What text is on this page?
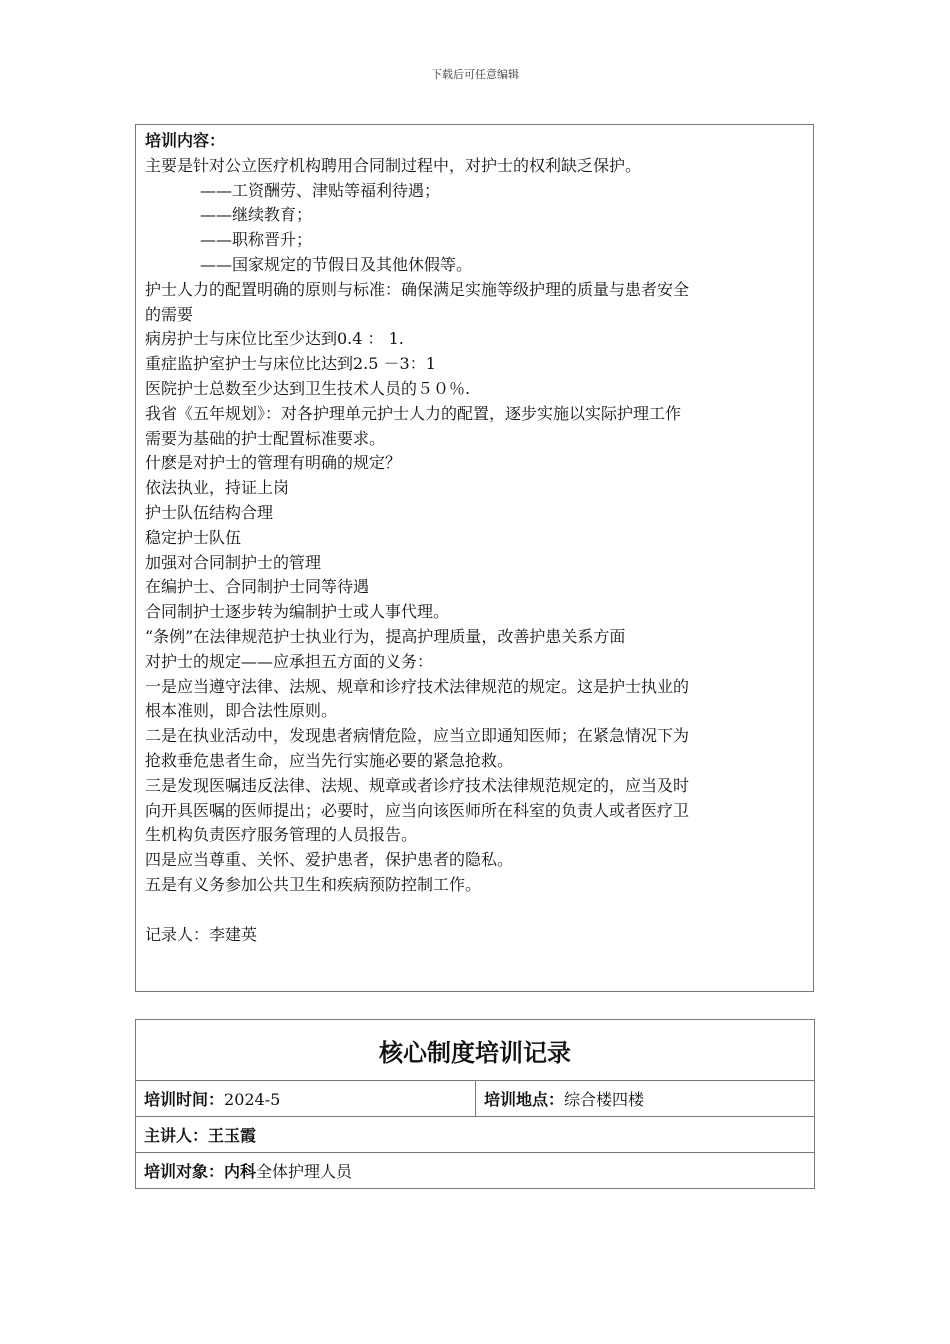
下载后可任意编辑
培训内容：
主要是针对公立医疗机构聘用合同制过程中，对护士的权利缺乏保护。
——工资酬劳、津贴等福利待遇；
——继续教育；
——职称晋升；
——国家规定的节假日及其他休假等。
护士人力的配置明确的原则与标准：确保满足实施等级护理的质量与患者安全
的需要
病房护士与床位比至少达到0.4 ： 1.
重症监护室护士与床位比达到2.5 －3：1
医院护士总数至少达到卫生技术人员的５０％.
我省《五年规划》：对各护理单元护士人力的配置，逐步实施以实际护理工作
需要为基础的护士配置标准要求。
什麽是对护士的管理有明确的规定？
依法执业，持证上岗
护士队伍结构合理
稳定护士队伍
加强对合同制护士的管理
在编护士、合同制护士同等待遇
合同制护士逐步转为编制护士或人事代理。
“条例”在法律规范护士执业行为，提高护理质量，改善护患关系方面
对护士的规定——应承担五方面的义务：
一是应当遵守法律、法规、规章和诊疗技术法律规范的规定。这是护士执业的
根本准则，即合法性原则。
二是在执业活动中，发现患者病情危险，应当立即通知医师；在紧急情况下为
抢救垂危患者生命，应当先行实施必要的紧急抢救。
三是发现医嘱违反法律、法规、规章或者诊疗技术法律规范规定的，应当及时
向开具医嘱的医师提出；必要时，应当向该医师所在科室的负责人或者医疗卫
生机构负责医疗服务管理的人员报告。
四是应当尊重、关怀、爱护患者，保护患者的隐私。
五是有义务参加公共卫生和疾病预防控制工作。
记录人：李建英
核心制度培训记录
培训时间：2024-5	培训地点：综合楼四楼
主讲人：王玉霞
培训对象：内科全体护理人员
